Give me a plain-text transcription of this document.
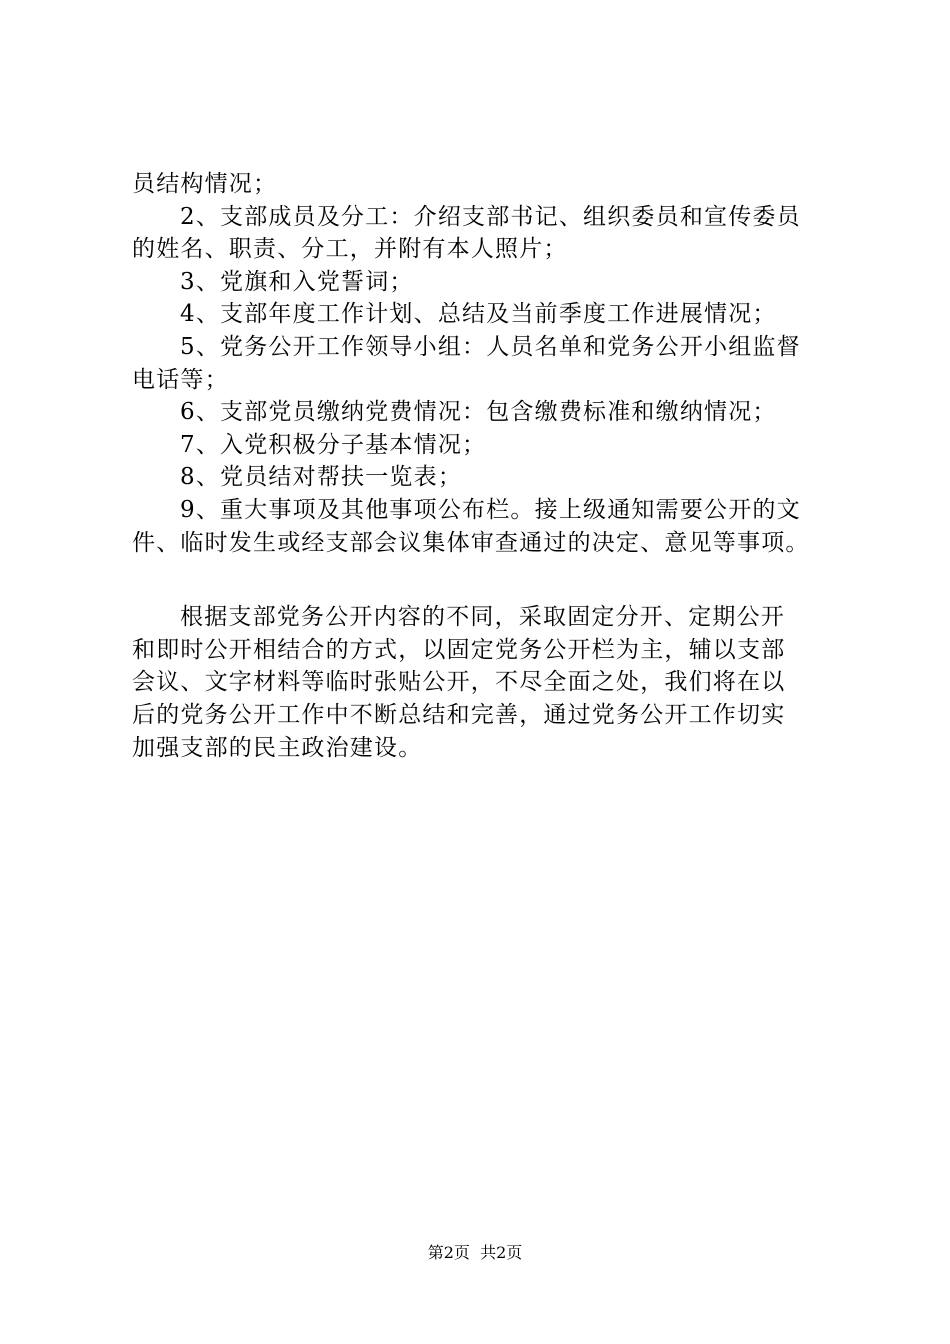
员结构情况；
2、支部成员及分工：介绍支部书记、组织委员和宣传委员
的姓名、职责、分工，并附有本人照片；
3、党旗和入党誓词；
4、支部年度工作计划、总结及当前季度工作进展情况；
5、党务公开工作领导小组：人员名单和党务公开小组监督
电话等；
6、支部党员缴纳党费情况：包含缴费标准和缴纳情况；
7、入党积极分子基本情况；
8、党员结对帮扶一览表；
9、重大事项及其他事项公布栏。接上级通知需要公开的文
件、临时发生或经支部会议集体审查通过的决定、意见等事项。
根据支部党务公开内容的不同，采取固定分开、定期公开
和即时公开相结合的方式，以固定党务公开栏为主，辅以支部
会议、文字材料等临时张贴公开，不尽全面之处，我们将在以
后的党务公开工作中不断总结和完善，通过党务公开工作切实
加强支部的民主政治建设。
第2页  共2页
